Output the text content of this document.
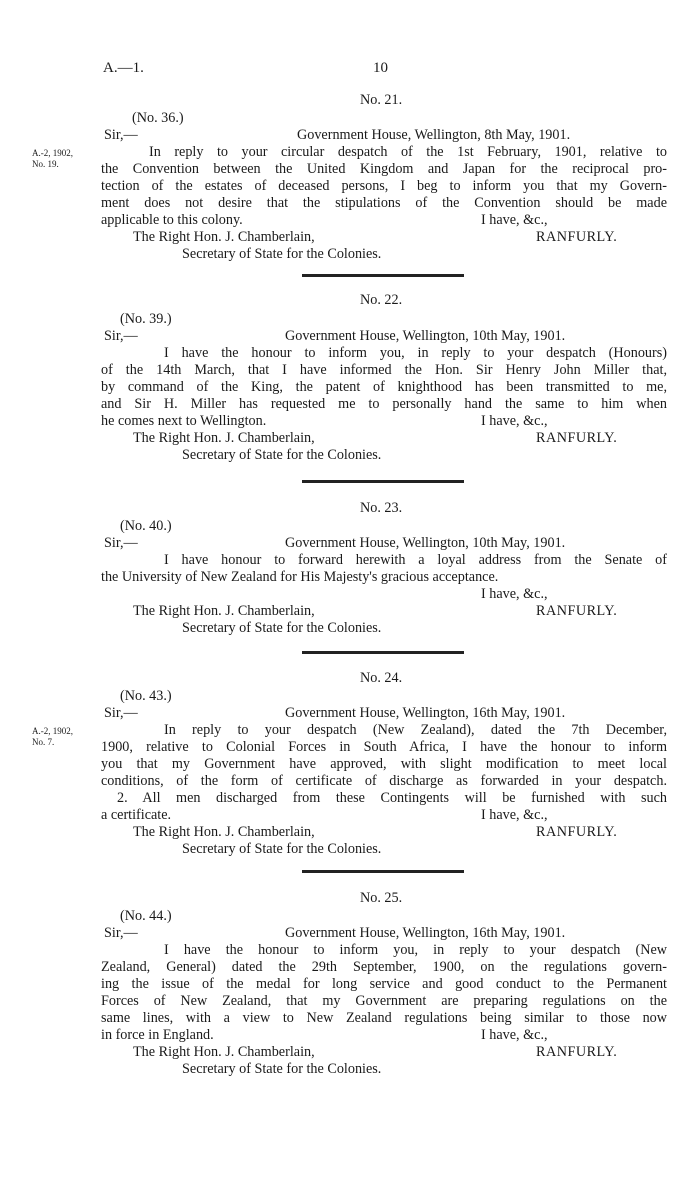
A.—1.	10
No. 21.
(No. 36.)
Sir,—	Government House, Wellington, 8th May, 1901.
A.-2, 1902,
No. 19.
In reply to your circular despatch of the 1st February, 1901, relative to
the Convention between the United Kingdom and Japan for the reciprocal pro-
tection of the estates of deceased persons, I beg to inform you that my Govern-
ment does not desire that the stipulations of the Convention should be made
applicable to this colony.	I have, &c.,
The Right Hon. J. Chamberlain,	RANFURLY.
Secretary of State for the Colonies.
No. 22.
(No. 39.)
Sir,—	Government House, Wellington, 10th May, 1901.
I have the honour to inform you, in reply to your despatch (Honours)
of the 14th March, that I have informed the Hon. Sir Henry John Miller that,
by command of the King, the patent of knighthood has been transmitted to me,
and Sir H. Miller has requested me to personally hand the same to him when
he comes next to Wellington.	I have, &c.,
The Right Hon. J. Chamberlain,	RANFURLY.
Secretary of State for the Colonies.
No. 23.
(No. 40.)
Sir,—	Government House, Wellington, 10th May, 1901.
I have honour to forward herewith a loyal address from the Senate of
the University of New Zealand for His Majesty's gracious acceptance.
I have, &c.,
The Right Hon. J. Chamberlain,	RANFURLY.
Secretary of State for the Colonies.
No. 24.
(No. 43.)
Sir,—	Government House, Wellington, 16th May, 1901.
A.-2, 1902,
No. 7.
In reply to your despatch (New Zealand), dated the 7th December,
1900, relative to Colonial Forces in South Africa, I have the honour to inform
you that my Government have approved, with slight modification to meet local
conditions, of the form of certificate of discharge as forwarded in your despatch.
2. All men discharged from these Contingents will be furnished with such
a certificate.	I have, &c.,
The Right Hon. J. Chamberlain,	RANFURLY.
Secretary of State for the Colonies.
No. 25.
(No. 44.)
Sir,—	Government House, Wellington, 16th May, 1901.
I have the honour to inform you, in reply to your despatch (New
Zealand, General) dated the 29th September, 1900, on the regulations govern-
ing the issue of the medal for long service and good conduct to the Permanent
Forces of New Zealand, that my Government are preparing regulations on the
same lines, with a view to New Zealand regulations being similar to those now
in force in England.	I have, &c.,
The Right Hon. J. Chamberlain,	RANFURLY.
Secretary of State for the Colonies.
